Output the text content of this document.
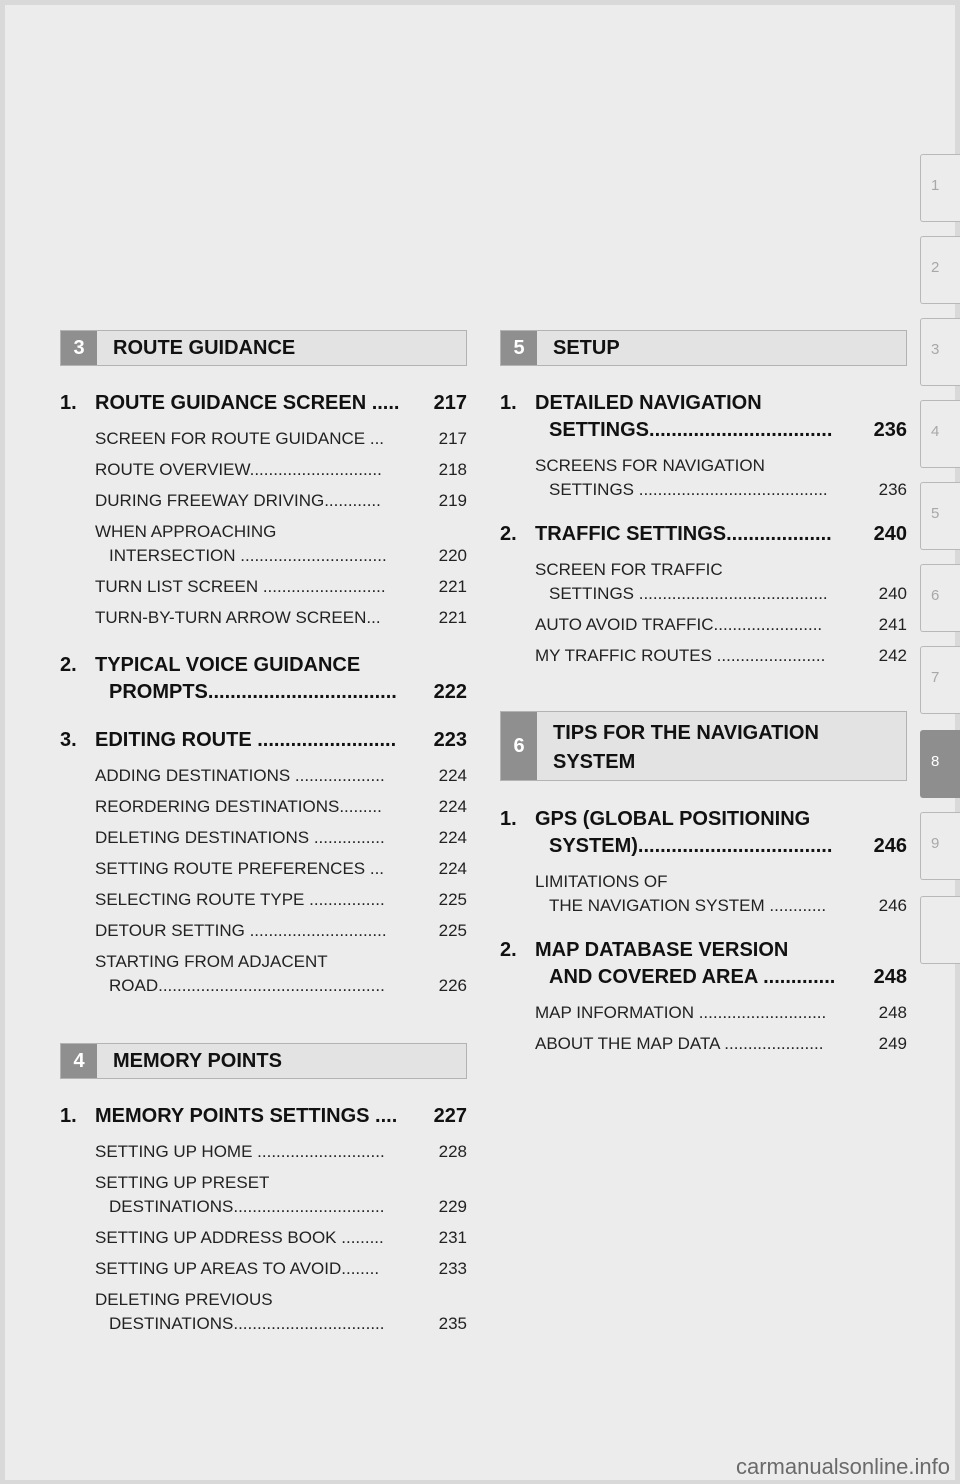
1
2
3
4
5
6
7
8
9
3	ROUTE GUIDANCE
4	MEMORY POINTS
5	SETUP
6
TIPS FOR THE NAVIGATION
SYSTEM
1. ROUTE GUIDANCE SCREEN .....	217
SCREEN FOR ROUTE GUIDANCE ...	217
ROUTE OVERVIEW............................	218
DURING FREEWAY DRIVING............	219
WHEN APPROACHING
INTERSECTION ...............................	220
TURN LIST SCREEN ..........................	221
TURN-BY-TURN ARROW SCREEN...	221
2. TYPICAL VOICE GUIDANCE
PROMPTS..................................	222
3. EDITING ROUTE .........................	223
ADDING DESTINATIONS ...................	224
REORDERING DESTINATIONS.........	224
DELETING DESTINATIONS ...............	224
SETTING ROUTE PREFERENCES ...	224
SELECTING ROUTE TYPE ................	225
DETOUR SETTING .............................	225
STARTING FROM ADJACENT
ROAD................................................	226
1. MEMORY POINTS SETTINGS ....	227
SETTING UP HOME ...........................	228
SETTING UP PRESET
DESTINATIONS................................	229
SETTING UP ADDRESS BOOK .........	231
SETTING UP AREAS TO AVOID........	233
DELETING PREVIOUS
DESTINATIONS................................	235
1. DETAILED NAVIGATION
SETTINGS.................................	236
SCREENS FOR NAVIGATION
SETTINGS ........................................	236
2. TRAFFIC SETTINGS...................	240
SCREEN FOR TRAFFIC
SETTINGS ........................................	240
AUTO AVOID TRAFFIC.......................	241
MY TRAFFIC ROUTES .......................	242
1. GPS (GLOBAL POSITIONING
SYSTEM)...................................	246
LIMITATIONS OF
THE NAVIGATION SYSTEM ............	246
2. MAP DATABASE VERSION
AND COVERED AREA .............	248
MAP INFORMATION ...........................	248
ABOUT THE MAP DATA .....................	249
carmanualsonline.info
